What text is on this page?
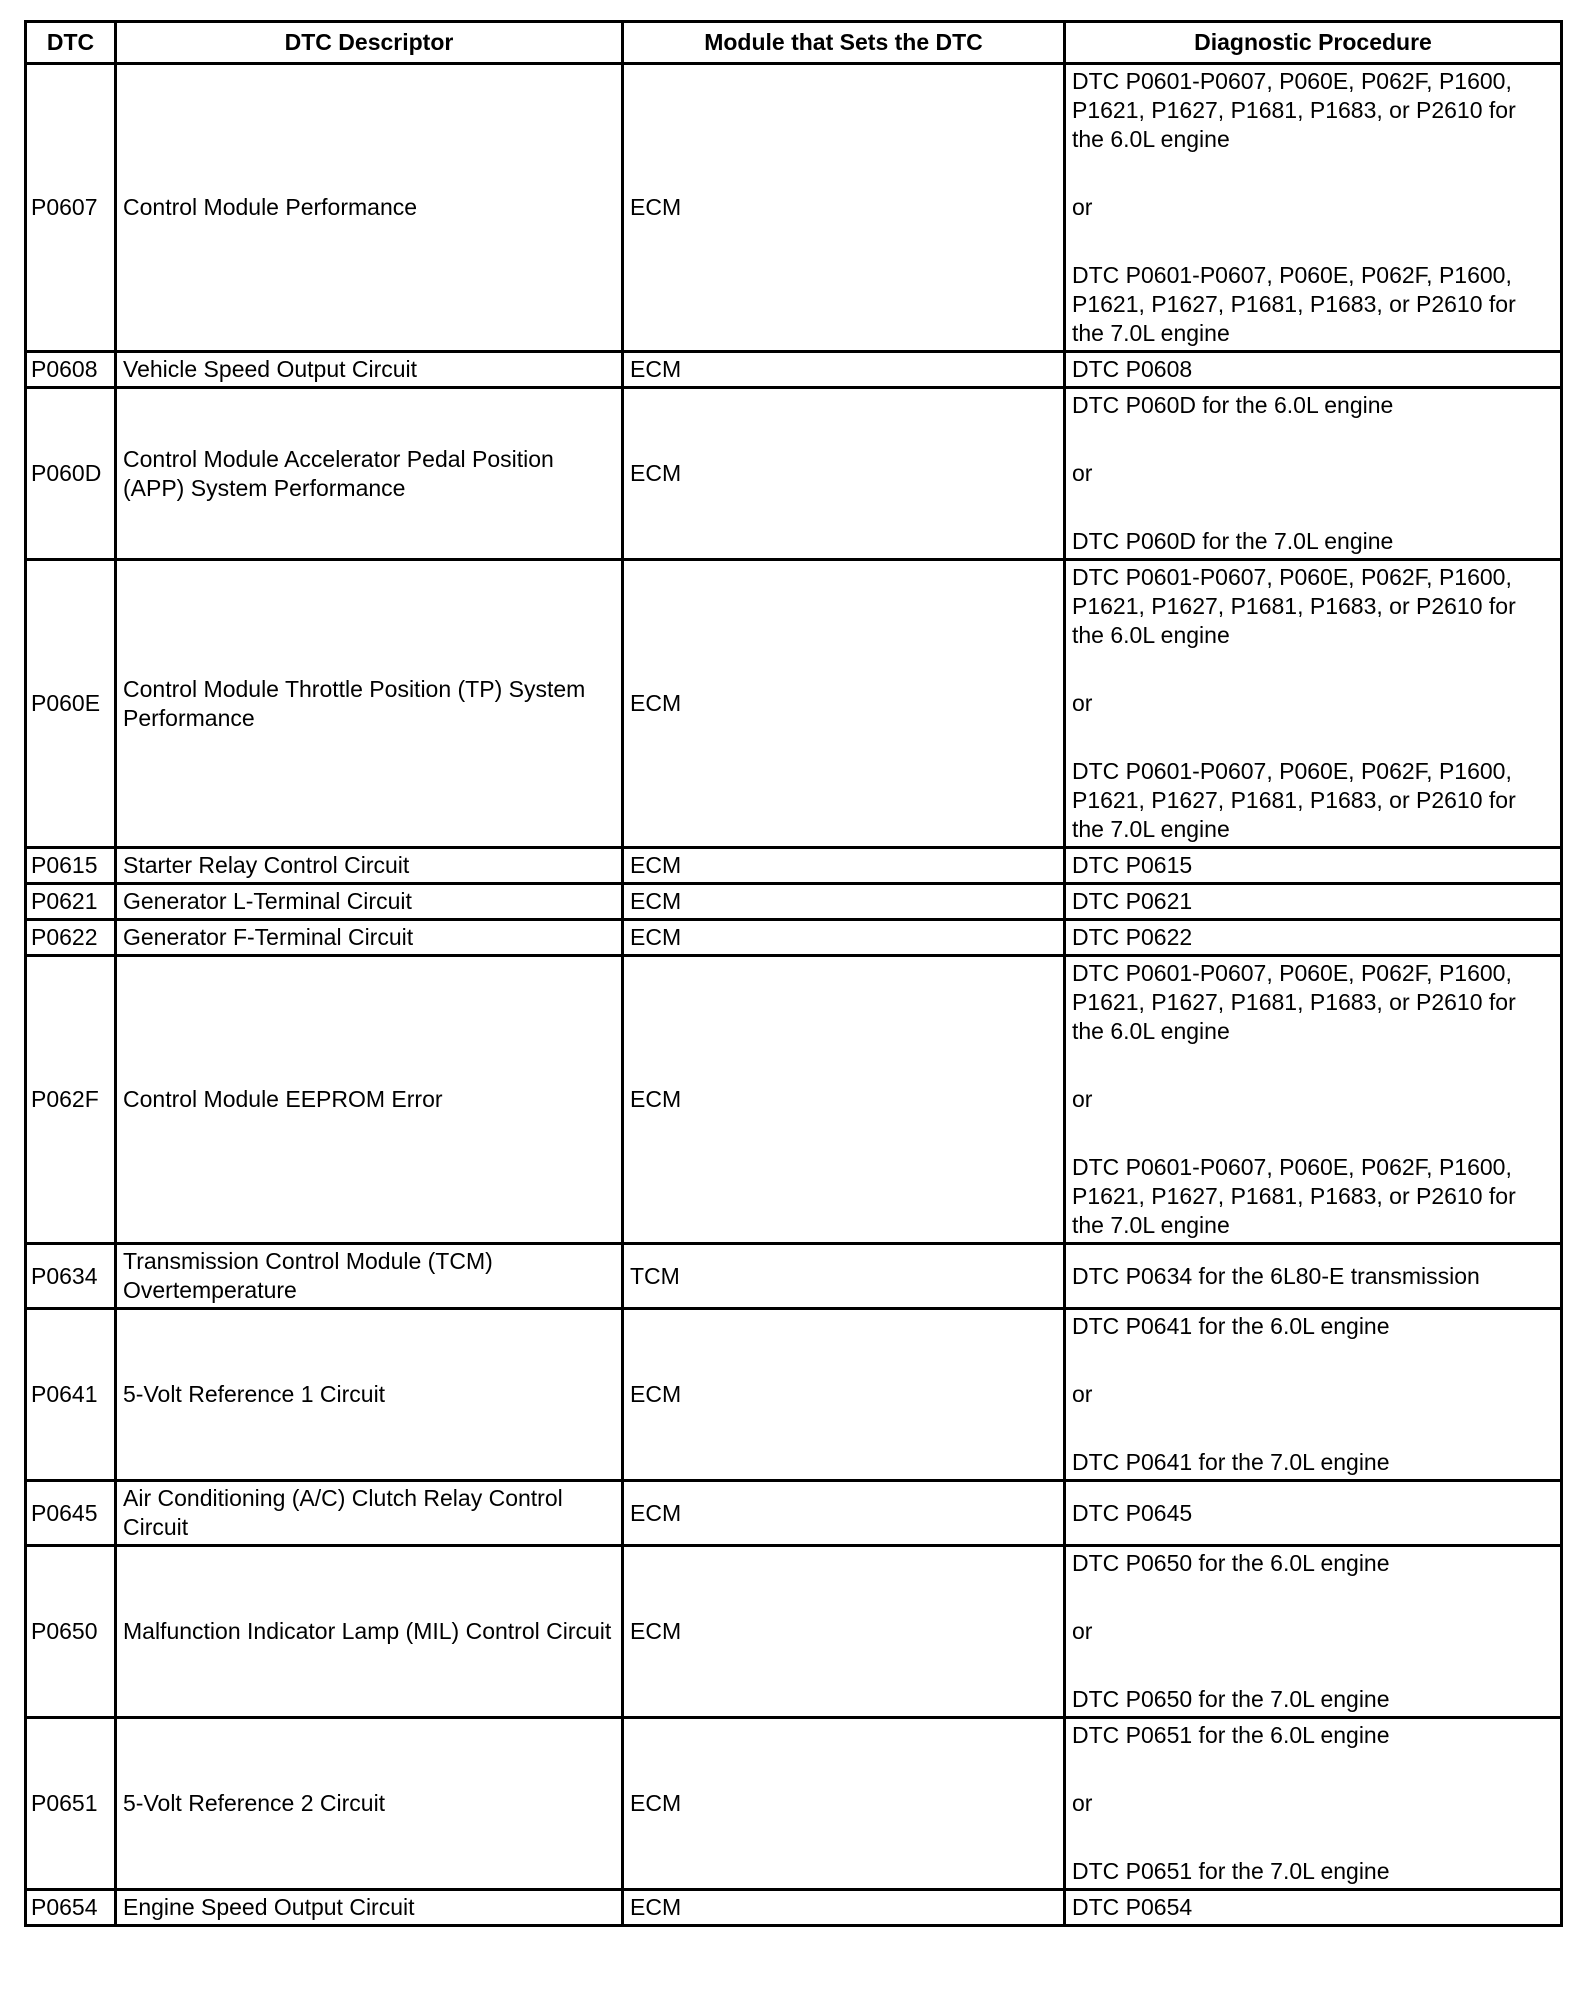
DTC	DTC Descriptor	Module that Sets the DTC	Diagnostic Procedure
P0607	Control Module Performance	ECM	DTC P0601-P0607, P060E, P062F, P1600, P1621, P1627, P1681, P1683, or P2610 for the 6.0L engine
or
DTC P0601-P0607, P060E, P062F, P1600, P1621, P1627, P1681, P1683, or P2610 for the 7.0L engine

P0608	Vehicle Speed Output Circuit	ECM	DTC P0608

P060D	Control Module Accelerator Pedal Position (APP) System Performance	ECM	DTC P060D for the 6.0L engine
or
DTC P060D for the 7.0L engine

P060E	Control Module Throttle Position (TP) System Performance	ECM	DTC P0601-P0607, P060E, P062F, P1600, P1621, P1627, P1681, P1683, or P2610 for the 6.0L engine
or
DTC P0601-P0607, P060E, P062F, P1600, P1621, P1627, P1681, P1683, or P2610 for the 7.0L engine

P0615	Starter Relay Control Circuit	ECM	DTC P0615

P0621	Generator L-Terminal Circuit	ECM	DTC P0621

P0622	Generator F-Terminal Circuit	ECM	DTC P0622

P062F	Control Module EEPROM Error	ECM	DTC P0601-P0607, P060E, P062F, P1600, P1621, P1627, P1681, P1683, or P2610 for the 6.0L engine
or
DTC P0601-P0607, P060E, P062F, P1600, P1621, P1627, P1681, P1683, or P2610 for the 7.0L engine

P0634	Transmission Control Module (TCM) Overtemperature	TCM	DTC P0634 for the 6L80-E transmission

P0641	5-Volt Reference 1 Circuit	ECM	DTC P0641 for the 6.0L engine
or
DTC P0641 for the 7.0L engine

P0645	Air Conditioning (A/C) Clutch Relay Control Circuit	ECM	DTC P0645

P0650	Malfunction Indicator Lamp (MIL) Control Circuit	ECM	DTC P0650 for the 6.0L engine
or
DTC P0650 for the 7.0L engine

P0651	5-Volt Reference 2 Circuit	ECM	DTC P0651 for the 6.0L engine
or
DTC P0651 for the 7.0L engine

P0654	Engine Speed Output Circuit	ECM	DTC P0654
